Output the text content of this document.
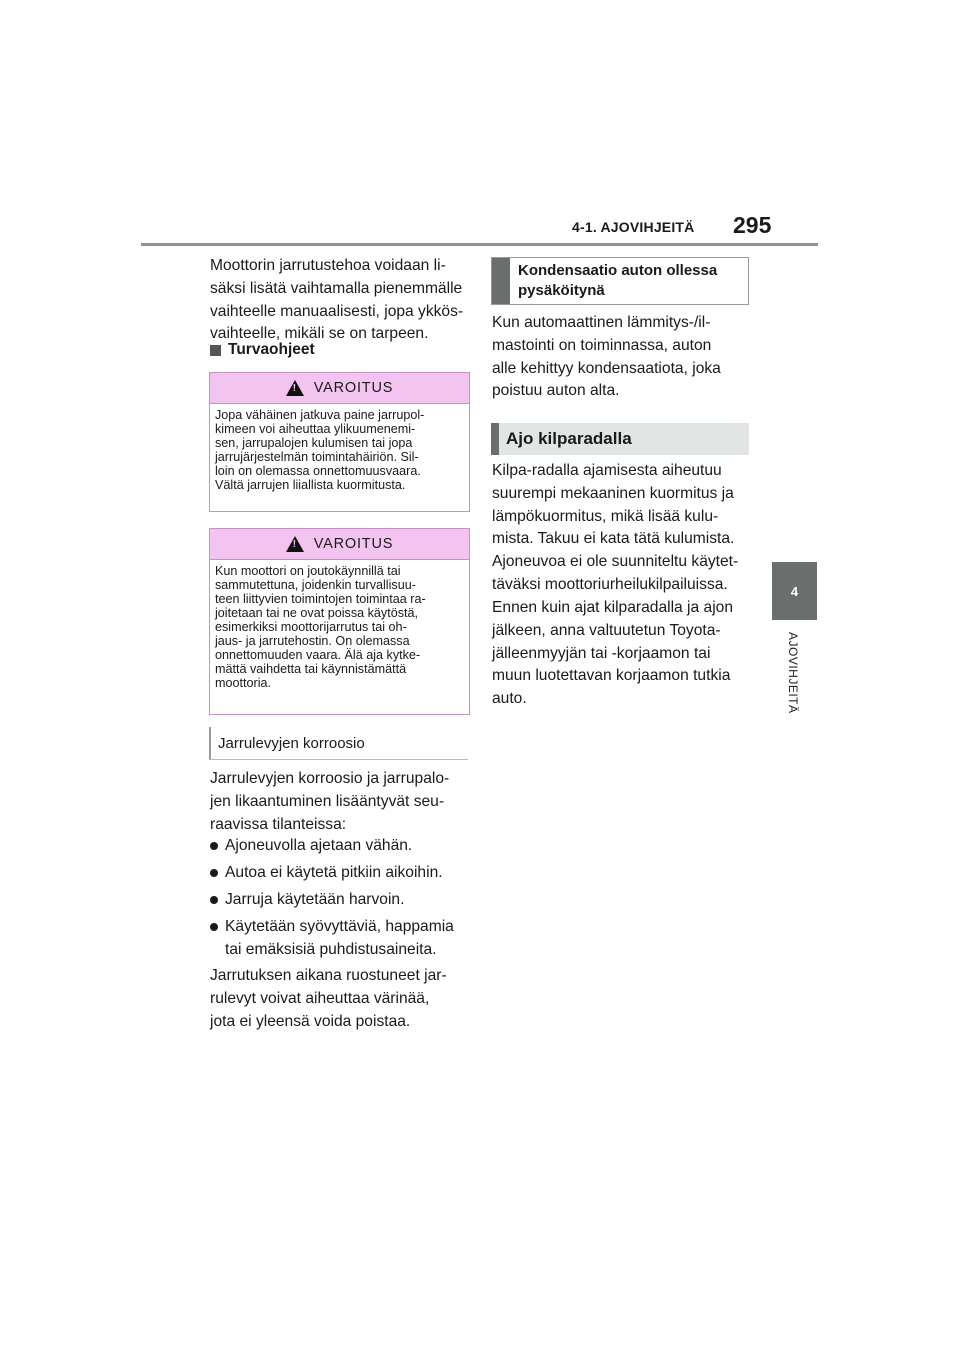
4-1. AJOVIHJEITÄ 295
4
AJOVIHJEITÄ

Moottorin jarrutustehoa voidaan li-

säksi lisätä vaihtamalla pienemmälle

vaihteelle manuaalisesti, jopa ykkös-

vaihteelle, mikäli se on tarpeen.

Turvaohjeet
! VAROITUS

Jopa vähäinen jatkuva paine jarrupol-

kimeen voi aiheuttaa ylikuumenemi-

sen, jarrupalojen kulumisen tai jopa

jarrujärjestelmän toimintahäiriön. Sil-

loin on olemassa onnettomuusvaara.

Vältä jarrujen liiallista kuormitusta.

! VAROITUS

Kun moottori on joutokäynnillä tai

sammutettuna, joidenkin turvallisuu-

teen liittyvien toimintojen toimintaa ra-

joitetaan tai ne ovat poissa käytöstä,

esimerkiksi moottorijarrutus tai oh-

jaus- ja jarrutehostin. On olemassa

onnettomuuden vaara. Älä aja kytke-

mättä vaihdetta tai käynnistämättä

moottoria.

Jarrulevyjen korroosio

Jarrulevyjen korroosio ja jarrupalo-

jen likaantuminen lisääntyvät seu-

raavissa tilanteissa:

Ajoneuvolla ajetaan vähän.
Autoa ei käytetä pitkiin aikoihin.
Jarruja käytetään harvoin.
Käytetään syövyttäviä, happamia
tai emäksisiä puhdistusaineita.

Jarrutuksen aikana ruostuneet jar-

rulevyt voivat aiheuttaa värinää,

jota ei yleensä voida poistaa.

Kondensaatio auton ollessa
pysäköitynä

Kun automaattinen lämmitys-/il-

mastointi on toiminnassa, auton

alle kehittyy kondensaatiota, joka

poistuu auton alta.

Ajo kilparadalla

Kilpa-radalla ajamisesta aiheutuu

suurempi mekaaninen kuormitus ja

lämpökuormitus, mikä lisää kulu-

mista. Takuu ei kata tätä kulumista.

Ajoneuvoa ei ole suunniteltu käytet-

täväksi moottoriurheilukilpailuissa.

Ennen kuin ajat kilparadalla ja ajon

jälkeen, anna valtuutetun Toyota-

jälleenmyyjän tai -korjaamon tai

muun luotettavan korjaamon tutkia

auto.
